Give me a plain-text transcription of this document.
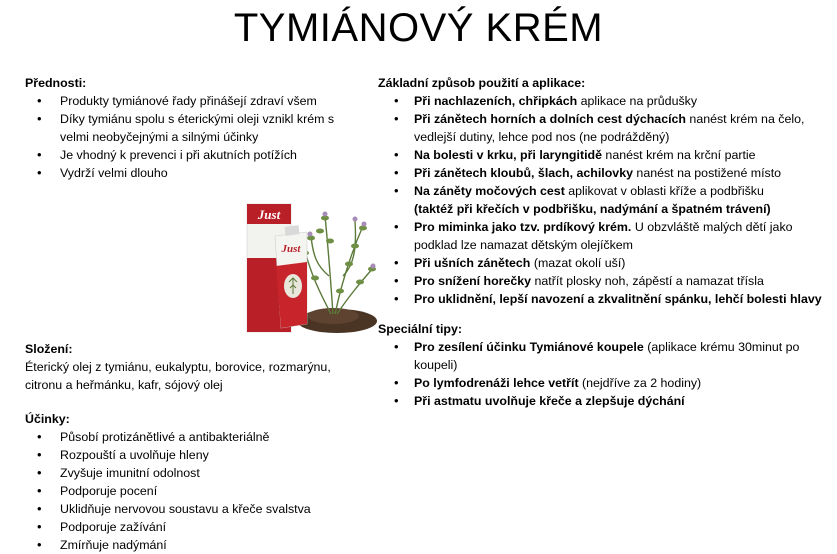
TYMIÁNOVÝ KRÉM
Přednosti:
• Produkty tymiánové řady přinášejí zdraví všem
• Díky tymiánu spolu s éterickými oleji vznikl krém s velmi neobyčejnými a silnými účinky
• Je vhodný k prevenci i při akutních potížích
• Vydrží velmi dlouho
Složení:

Éterický olej z tymiánu, eukalyptu, borovice, rozmarýnu, citronu a heřmánku, kafr, sójový olej

Účinky:
• Působí protizánětlivé a antibakteriálně
• Rozpouští a uvolňuje hleny
• Zvyšuje imunitní odolnost
• Podporuje pocení
• Uklidňuje nervovou soustavu a křeče svalstva
• Podporuje zažívání
• Zmírňuje nadýmání
Just
Just
Základní způsob použití a aplikace:
• Při nachlazeních, chřipkách aplikace na průdušky
• Při zánětech horních a dolních cest dýchacích nanést krém na čelo, vedlejší dutiny, lehce pod nos (ne podrážděný)
• Na bolesti v krku, při laryngitidě nanést krém na krční partie
• Při zánětech kloubů, šlach, achilovky nanést na postižené místo
• Na záněty močových cest aplikovat v oblasti kříže a podbřišku
(taktéž při křečích v podbřišku, nadýmání a špatném trávení)
• Pro miminka jako tzv. prdíkový krém. U obzvláště malých dětí jako podklad lze namazat dětským olejíčkem
• Při ušních zánětech (mazat okolí uší)
• Pro snížení horečky natřít plosky noh, zápěstí a namazat třísla
• Pro uklidnění, lepší navození a zkvalitnění spánku, lehčí bolesti hlavy
Speciální tipy:
• Pro zesílení účinku Tymiánové koupele (aplikace krému 30minut po koupeli)
• Po lymfodrenáži lehce vetřít (nejdříve za 2 hodiny)
• Při astmatu uvolňuje křeče a zlepšuje dýchání
